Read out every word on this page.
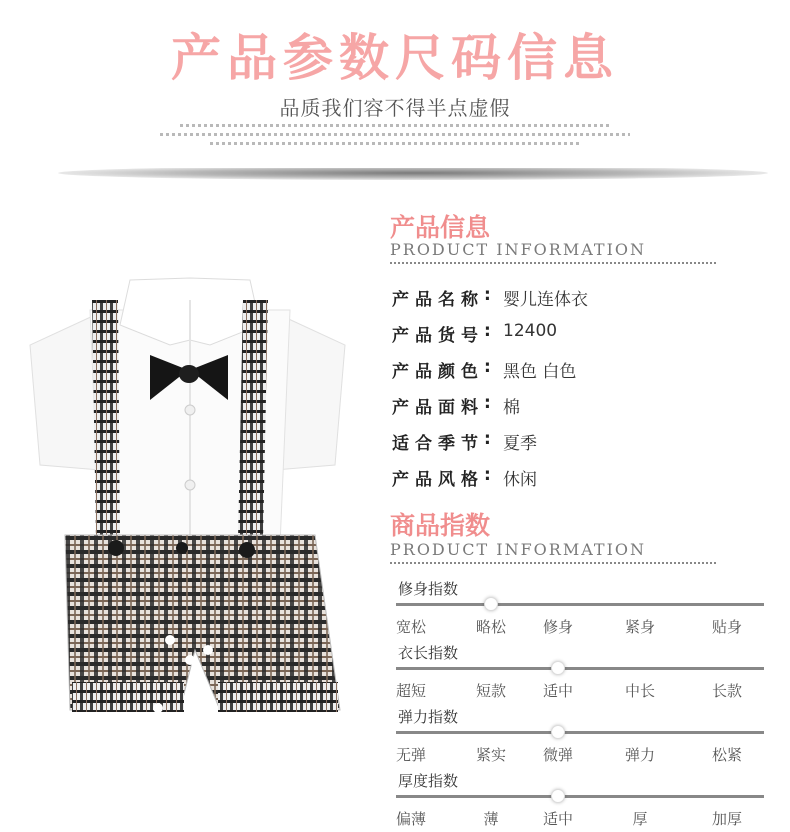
产品参数尺码信息
品质我们容不得半点虚假
产品信息
PRODUCT INFORMATION
产品名称 : 婴儿连体衣
产品货号 : 12400
产品颜色 : 黑色 白色
产品面料 : 棉
适合季节 : 夏季
产品风格 : 休闲
商品指数
PRODUCT INFORMATION
修身指数
宽松	略松	修身	紧身	贴身
衣长指数
超短	短款	适中	中长	长款
弹力指数
无弹	紧实	微弹	弹力	松紧
厚度指数
偏薄	薄	适中	厚	加厚
